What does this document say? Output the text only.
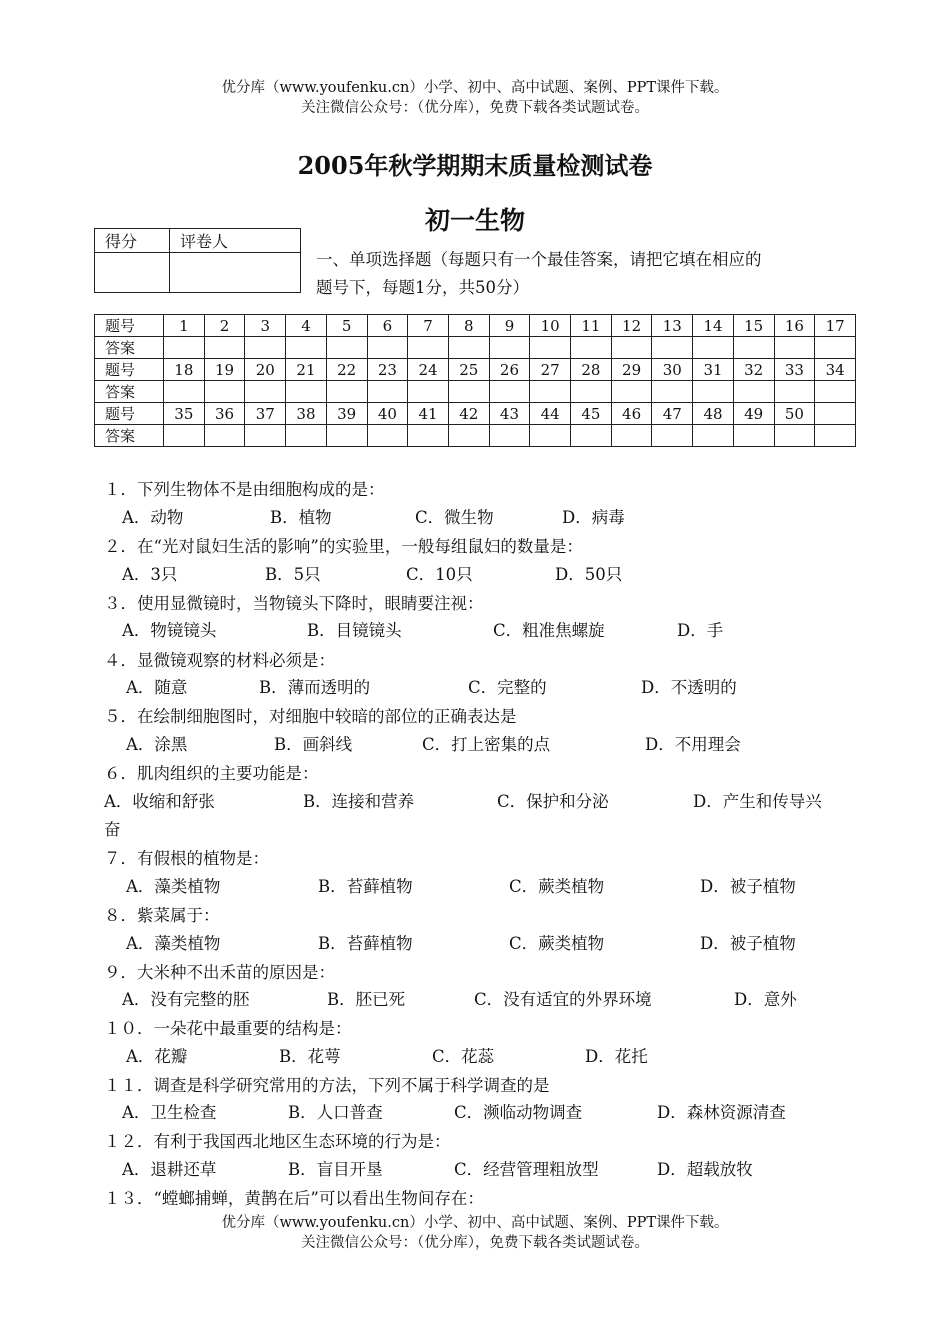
优分库（www.youfenku.cn）小学、初中、高中试题、案例、PPT课件下载。
关注微信公众号：（优分库），免费下载各类试题试卷。
2005年秋学期期末质量检测试卷
初一生物
得分	评卷人

一、单项选择题（每题只有一个最佳答案，请把它填在相应的
题号下，每题1分，共50分）
题号	1	2	3	4	5	6	7	8	9	10	11	12	13	14	15	16	17
答案																	
题号	18	19	20	21	22	23	24	25	26	27	28	29	30	31	32	33	34
答案																	
题号	35	36	37	38	39	40	41	42	43	44	45	46	47	48	49	50	
答案																	
１．下列生物体不是由细胞构成的是：
A．动物	B．植物	C．微生物	D．病毒
２．在“光对鼠妇生活的影响”的实验里，一般每组鼠妇的数量是：
A．3只	B．5只	C．10只	D．50只
３．使用显微镜时，当物镜头下降时，眼睛要注视：
A．物镜镜头	B．目镜镜头	C．粗准焦螺旋	D．手
４．显微镜观察的材料必须是：
A．随意	B．薄而透明的	C．完整的	D．不透明的
５．在绘制细胞图时，对细胞中较暗的部位的正确表达是
A．涂黑	B．画斜线	C．打上密集的点	D．不用理会
６．肌肉组织的主要功能是：
A．收缩和舒张	B．连接和营养	C．保护和分泌	D．产生和传导兴
奋
７．有假根的植物是：
A．藻类植物	B．苔藓植物	C．蕨类植物	D．被子植物
８．紫菜属于：
A．藻类植物	B．苔藓植物	C．蕨类植物	D．被子植物
９．大米种不出禾苗的原因是：
A．没有完整的胚	B．胚已死	C．没有适宜的外界环境	D．意外
１０．一朵花中最重要的结构是：
A．花瓣	B．花萼	C．花蕊	D．花托
１１．调查是科学研究常用的方法，下列不属于科学调查的是
A．卫生检查	B．人口普查	C．濒临动物调查	D．森林资源清查
１２．有利于我国西北地区生态环境的行为是：
A．退耕还草	B．盲目开垦	C．经营管理粗放型	D．超载放牧
１３．“螳螂捕蝉，黄鹊在后”可以看出生物间存在：
优分库（www.youfenku.cn）小学、初中、高中试题、案例、PPT课件下载。
关注微信公众号：（优分库），免费下载各类试题试卷。
